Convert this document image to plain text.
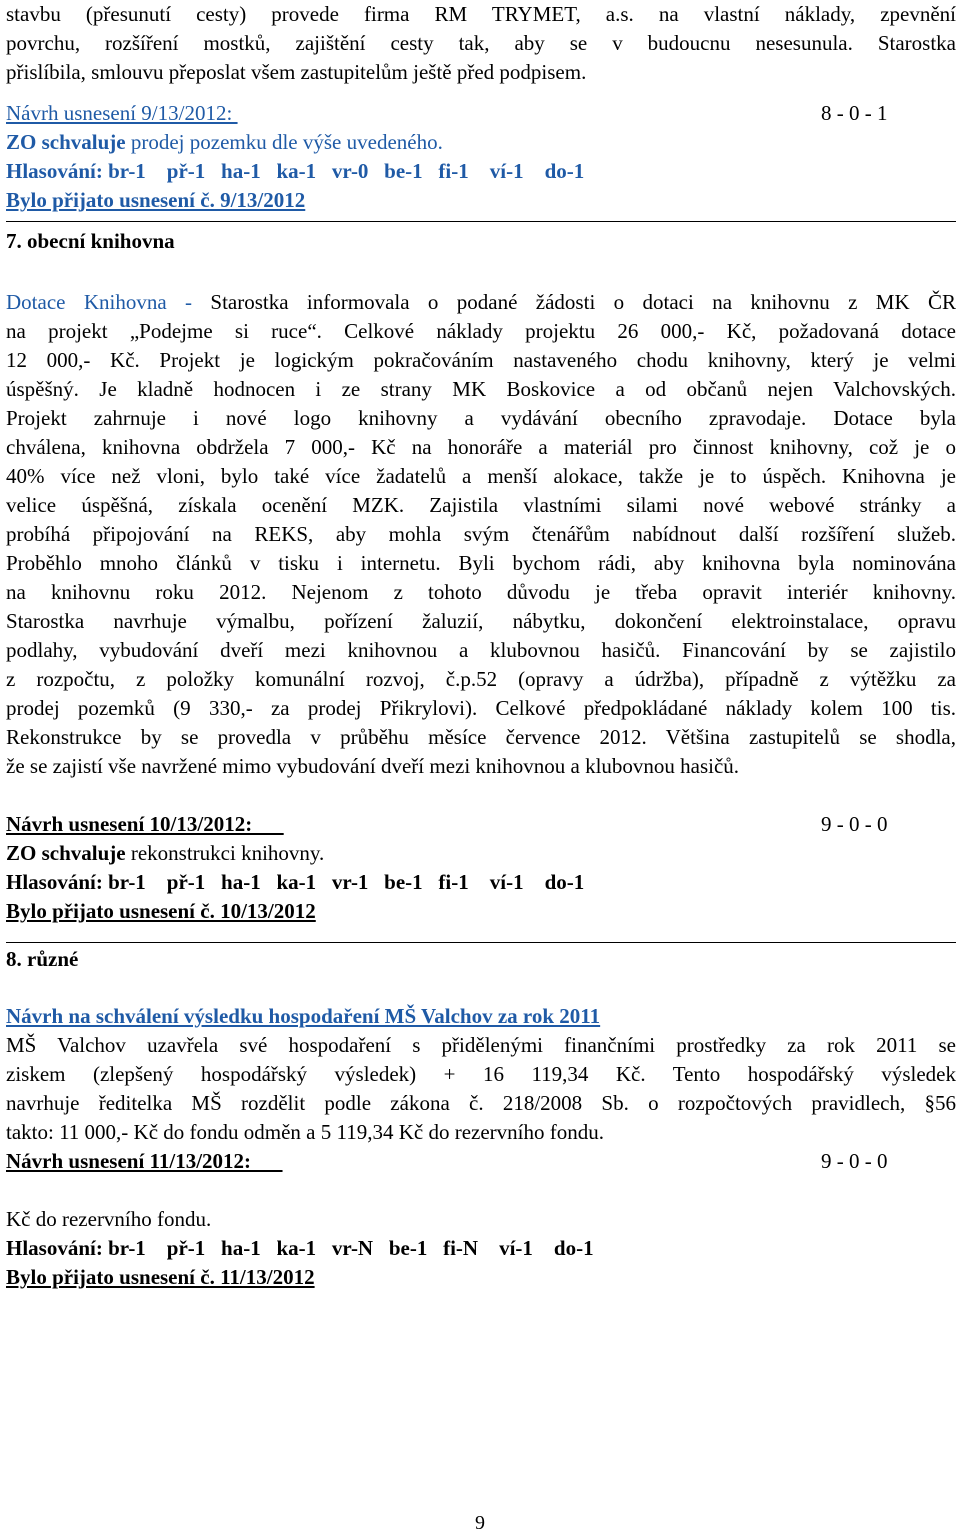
stavbu (přesunutí cesty) provede firma RM TRYMET, a.s. na vlastní náklady, zpevnění
povrchu, rozšíření mostků, zajištění cesty tak, aby se v budoucnu nesesunula. Starostka
přislíbila, smlouvu přeposlat všem zastupitelům ještě před podpisem.
Návrh usnesení 9/13/2012:	8 - 0 - 1
ZO schvaluje prodej pozemku dle výše uvedeného.
Hlasování: br-1    př-1   ha-1   ka-1   vr-0   be-1   fi-1    ví-1    do-1
Bylo přijato usnesení č. 9/13/2012
7. obecní knihovna
Dotace Knihovna - Starostka informovala o podané žádosti o dotaci na knihovnu z MK ČR
na projekt „Podejme si ruce“. Celkové náklady projektu 26 000,- Kč, požadovaná dotace
12 000,- Kč. Projekt je logickým pokračováním nastaveného chodu knihovny, který je velmi
úspěšný. Je kladně hodnocen i ze strany MK Boskovice a od občanů nejen Valchovských.
Projekt zahrnuje i nové logo knihovny a vydávání obecního zpravodaje. Dotace byla
chválena, knihovna obdržela 7 000,- Kč na honoráře a materiál pro činnost knihovny, což je o
40% více než vloni, bylo také více žadatelů a menší alokace, takže je to úspěch. Knihovna je
velice úspěšná, získala ocenění MZK. Zajistila vlastními silami nové webové stránky a
probíhá připojování na REKS, aby mohla svým čtenářům nabídnout další rozšíření služeb.
Proběhlo mnoho článků v tisku i internetu. Byli bychom rádi, aby knihovna byla nominována
na knihovnu roku 2012. Nejenom z tohoto důvodu je třeba opravit interiér knihovny.
Starostka navrhuje výmalbu, pořízení žaluzií, nábytku, dokončení elektroinstalace, opravu
podlahy, vybudování dveří mezi knihovnou a klubovnou hasičů. Financování by se zajistilo
z rozpočtu, z položky komunální rozvoj, č.p.52 (opravy a údržba), případně z výtěžku za
prodej pozemků (9 330,- za prodej Přikrylovi). Celkové předpokládané náklady kolem 100 tis.
Rekonstrukce by se provedla v průběhu měsíce července 2012. Většina zastupitelů se shodla,
že se zajistí vše navržené mimo vybudování dveří mezi knihovnou a klubovnou hasičů.
Návrh usnesení 10/13/2012:	9 - 0 - 0
ZO schvaluje rekonstrukci knihovny.
Hlasování: br-1    př-1   ha-1   ka-1   vr-1   be-1   fi-1    ví-1    do-1
Bylo přijato usnesení č. 10/13/2012
8. různé
Návrh na schválení výsledku hospodaření MŠ Valchov za rok 2011
MŠ Valchov uzavřela své hospodaření s přidělenými finančními prostředky za rok 2011 se
ziskem (zlepšený hospodářský výsledek) + 16 119,34 Kč. Tento hospodářský výsledek
navrhuje ředitelka MŠ rozdělit podle zákona č. 218/2008 Sb. o rozpočtových pravidlech, §56
takto: 11 000,- Kč do fondu odměn a 5 119,34 Kč do rezervního fondu.
Návrh usnesení 11/13/2012:	9 - 0 - 0

Kč do rezervního fondu.
Hlasování: br-1    př-1   ha-1   ka-1   vr-N   be-1   fi-N    ví-1    do-1
Bylo přijato usnesení č. 11/13/2012
9
